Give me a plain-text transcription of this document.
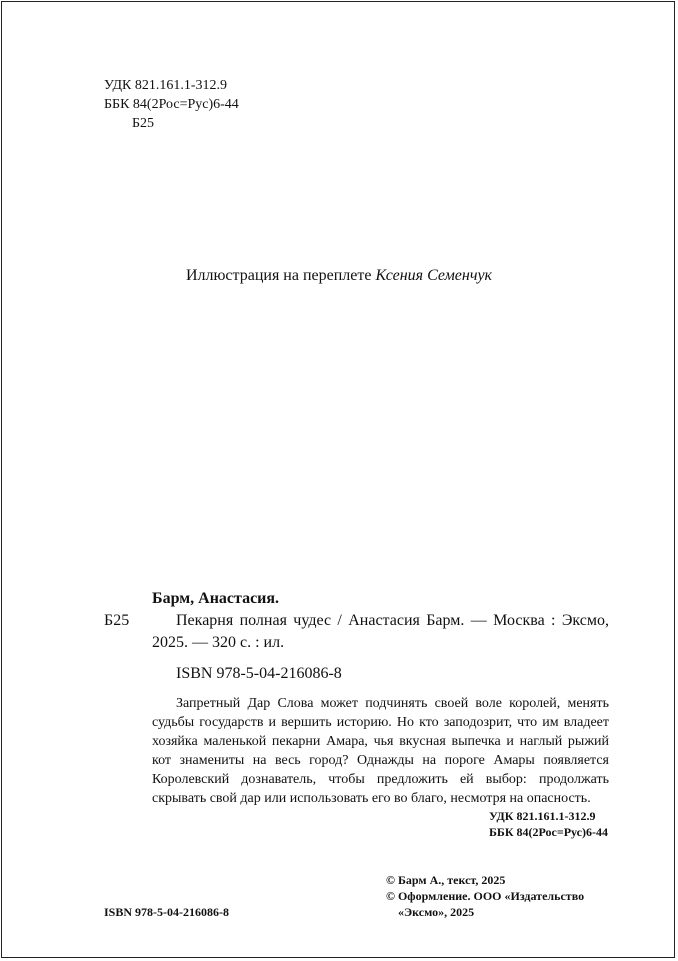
УДК 821.161.1-312.9
ББК 84(2Рос=Рус)6-44
Б25
Иллюстрация на переплете Ксения Семенчук
Барм, Анастасия.
Б25	Пекарня полная чудес / Анастасия Барм. — Москва : Эксмо, 2025. — 320 с. : ил.
ISBN 978-5-04-216086-8
Запретный Дар Слова может подчинять своей воле королей, менять судьбы государств и вершить историю. Но кто заподозрит, что им владеет хозяйка маленькой пекарни Амара, чья вкусная выпечка и наглый рыжий кот знамениты на весь город? Однажды на пороге Амары появляется Королевский дознаватель, чтобы предложить ей выбор: продолжать скрывать свой дар или использовать его во благо, несмотря на опасность.
УДК 821.161.1-312.9
ББК 84(2Рос=Рус)6-44
© Барм А., текст, 2025
© Оформление. ООО «Издательство
«Эксмо», 2025
ISBN 978-5-04-216086-8
